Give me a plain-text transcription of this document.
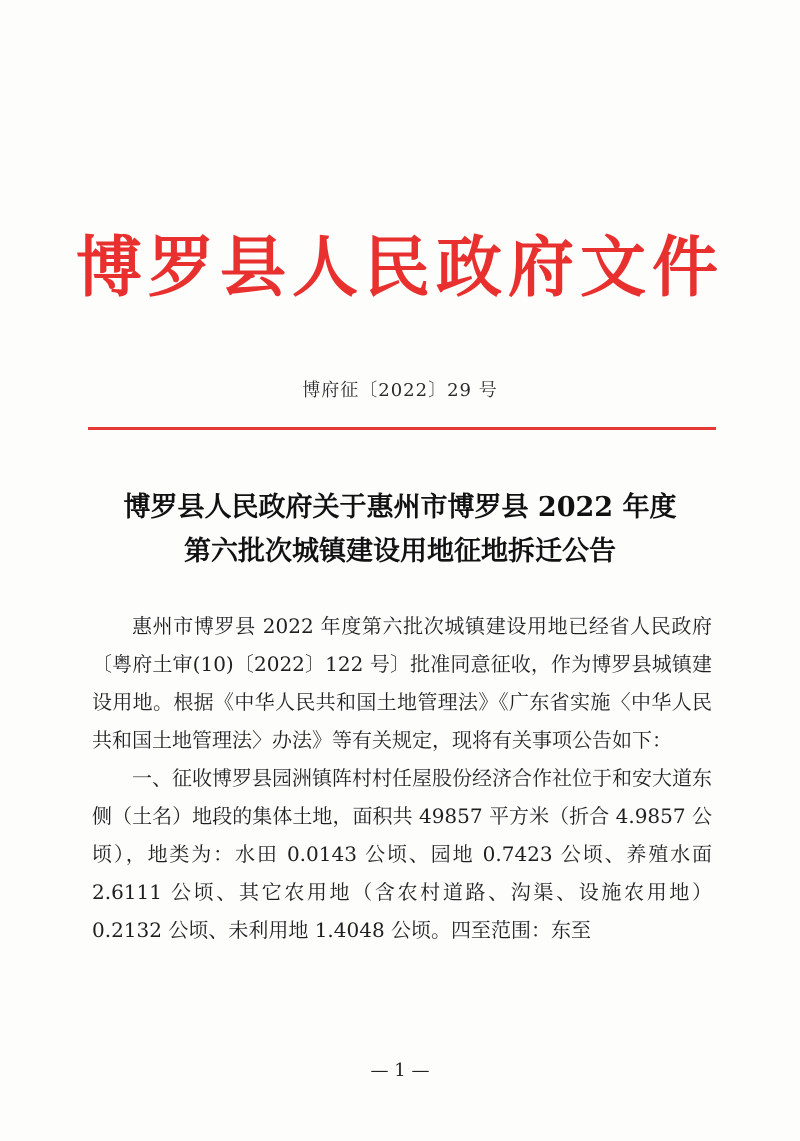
博罗县人民政府文件
博府征〔2022〕29 号
博罗县人民政府关于惠州市博罗县 2022 年度
第六批次城镇建设用地征地拆迁公告

惠州市博罗县 2022 年度第六批次城镇建设用地已经省人民政府〔粤府土审(10)〔2022〕122 号〕批准同意征收，作为博罗县城镇建设用地。根据《中华人民共和国土地管理法》《广东省实施〈中华人民共和国土地管理法〉办法》等有关规定，现将有关事项公告如下：

一、征收博罗县园洲镇阵村村任屋股份经济合作社位于和安大道东侧（土名）地段的集体土地，面积共 49857 平方米（折合 4.9857 公顷），地类为：水田 0.0143 公顷、园地 0.7423 公顷、养殖水面 2.6111 公顷、其它农用地（含农村道路、沟渠、设施农用地）0.2132 公顷、未利用地 1.4048 公顷。四至范围：东至

— 1 —
